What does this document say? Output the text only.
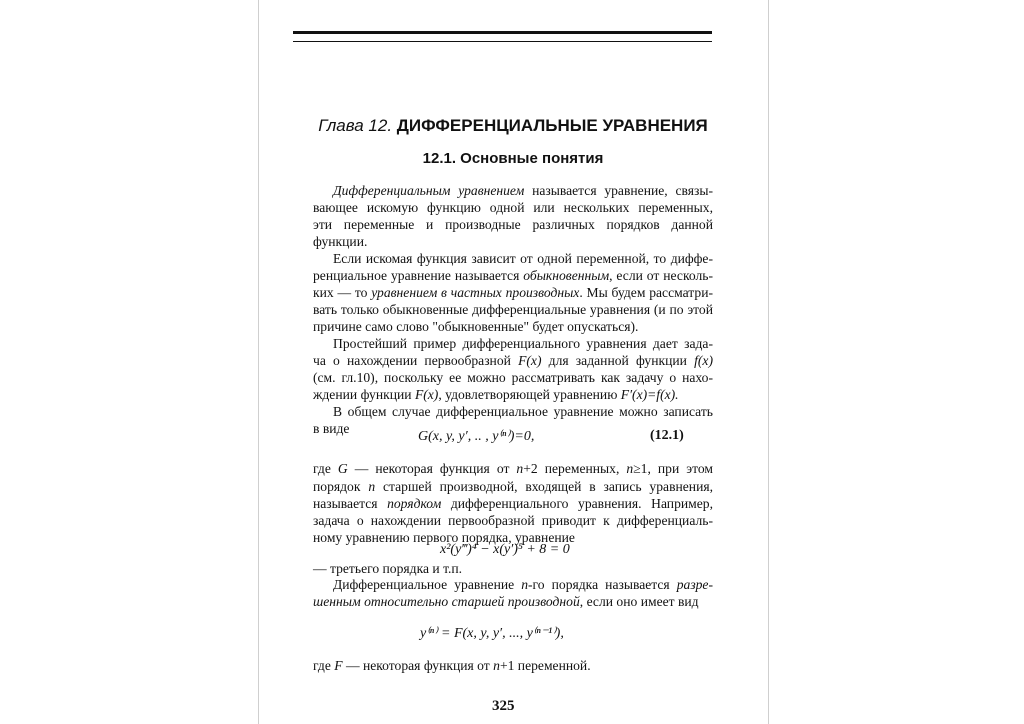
Глава 12. ДИФФЕРЕНЦИАЛЬНЫЕ УРАВНЕНИЯ
12.1. Основные понятия
Дифференциальным уравнением называется уравнение, связы-
вающее искомую функцию одной или нескольких переменных,
эти переменные и производные различных порядков данной
функции.
Если искомая функция зависит от одной переменной, то диффе-
ренциальное уравнение называется обыкновенным, если от несколь-
ких — то уравнением в частных производных. Мы будем рассматри-
вать только обыкновенные дифференциальные уравнения (и по этой
причине само слово "обыкновенные" будет опускаться).
Простейший пример дифференциального уравнения дает зада-
ча о нахождении первообразной F(x) для заданной функции f(x)
(см. гл.10), поскольку ее можно рассматривать как задачу о нахо-
ждении функции F(x), удовлетворяющей уравнению F′(x)=f(x).
В общем случае дифференциальное уравнение можно записать
в виде
где G — некоторая функция от n+2 переменных, n≥1, при этом
порядок n старшей производной, входящей в запись уравнения,
называется порядком дифференциального уравнения. Например,
задача о нахождении первообразной приводит к дифференциаль-
ному уравнению первого порядка, уравнение
— третьего порядка и т.п.
Дифференциальное уравнение n-го порядка называется разре-
шенным относительно старшей производной, если оно имеет вид
где F — некоторая функция от n+1 переменной.
G(x, y, y′, .. , y⁽ⁿ⁾)=0,	(12.1)
x²(y‴)⁴ − x(y′)⁵ + 8 = 0
y⁽ⁿ⁾ = F(x, y, y′, ..., y⁽ⁿ⁻¹⁾),
325
